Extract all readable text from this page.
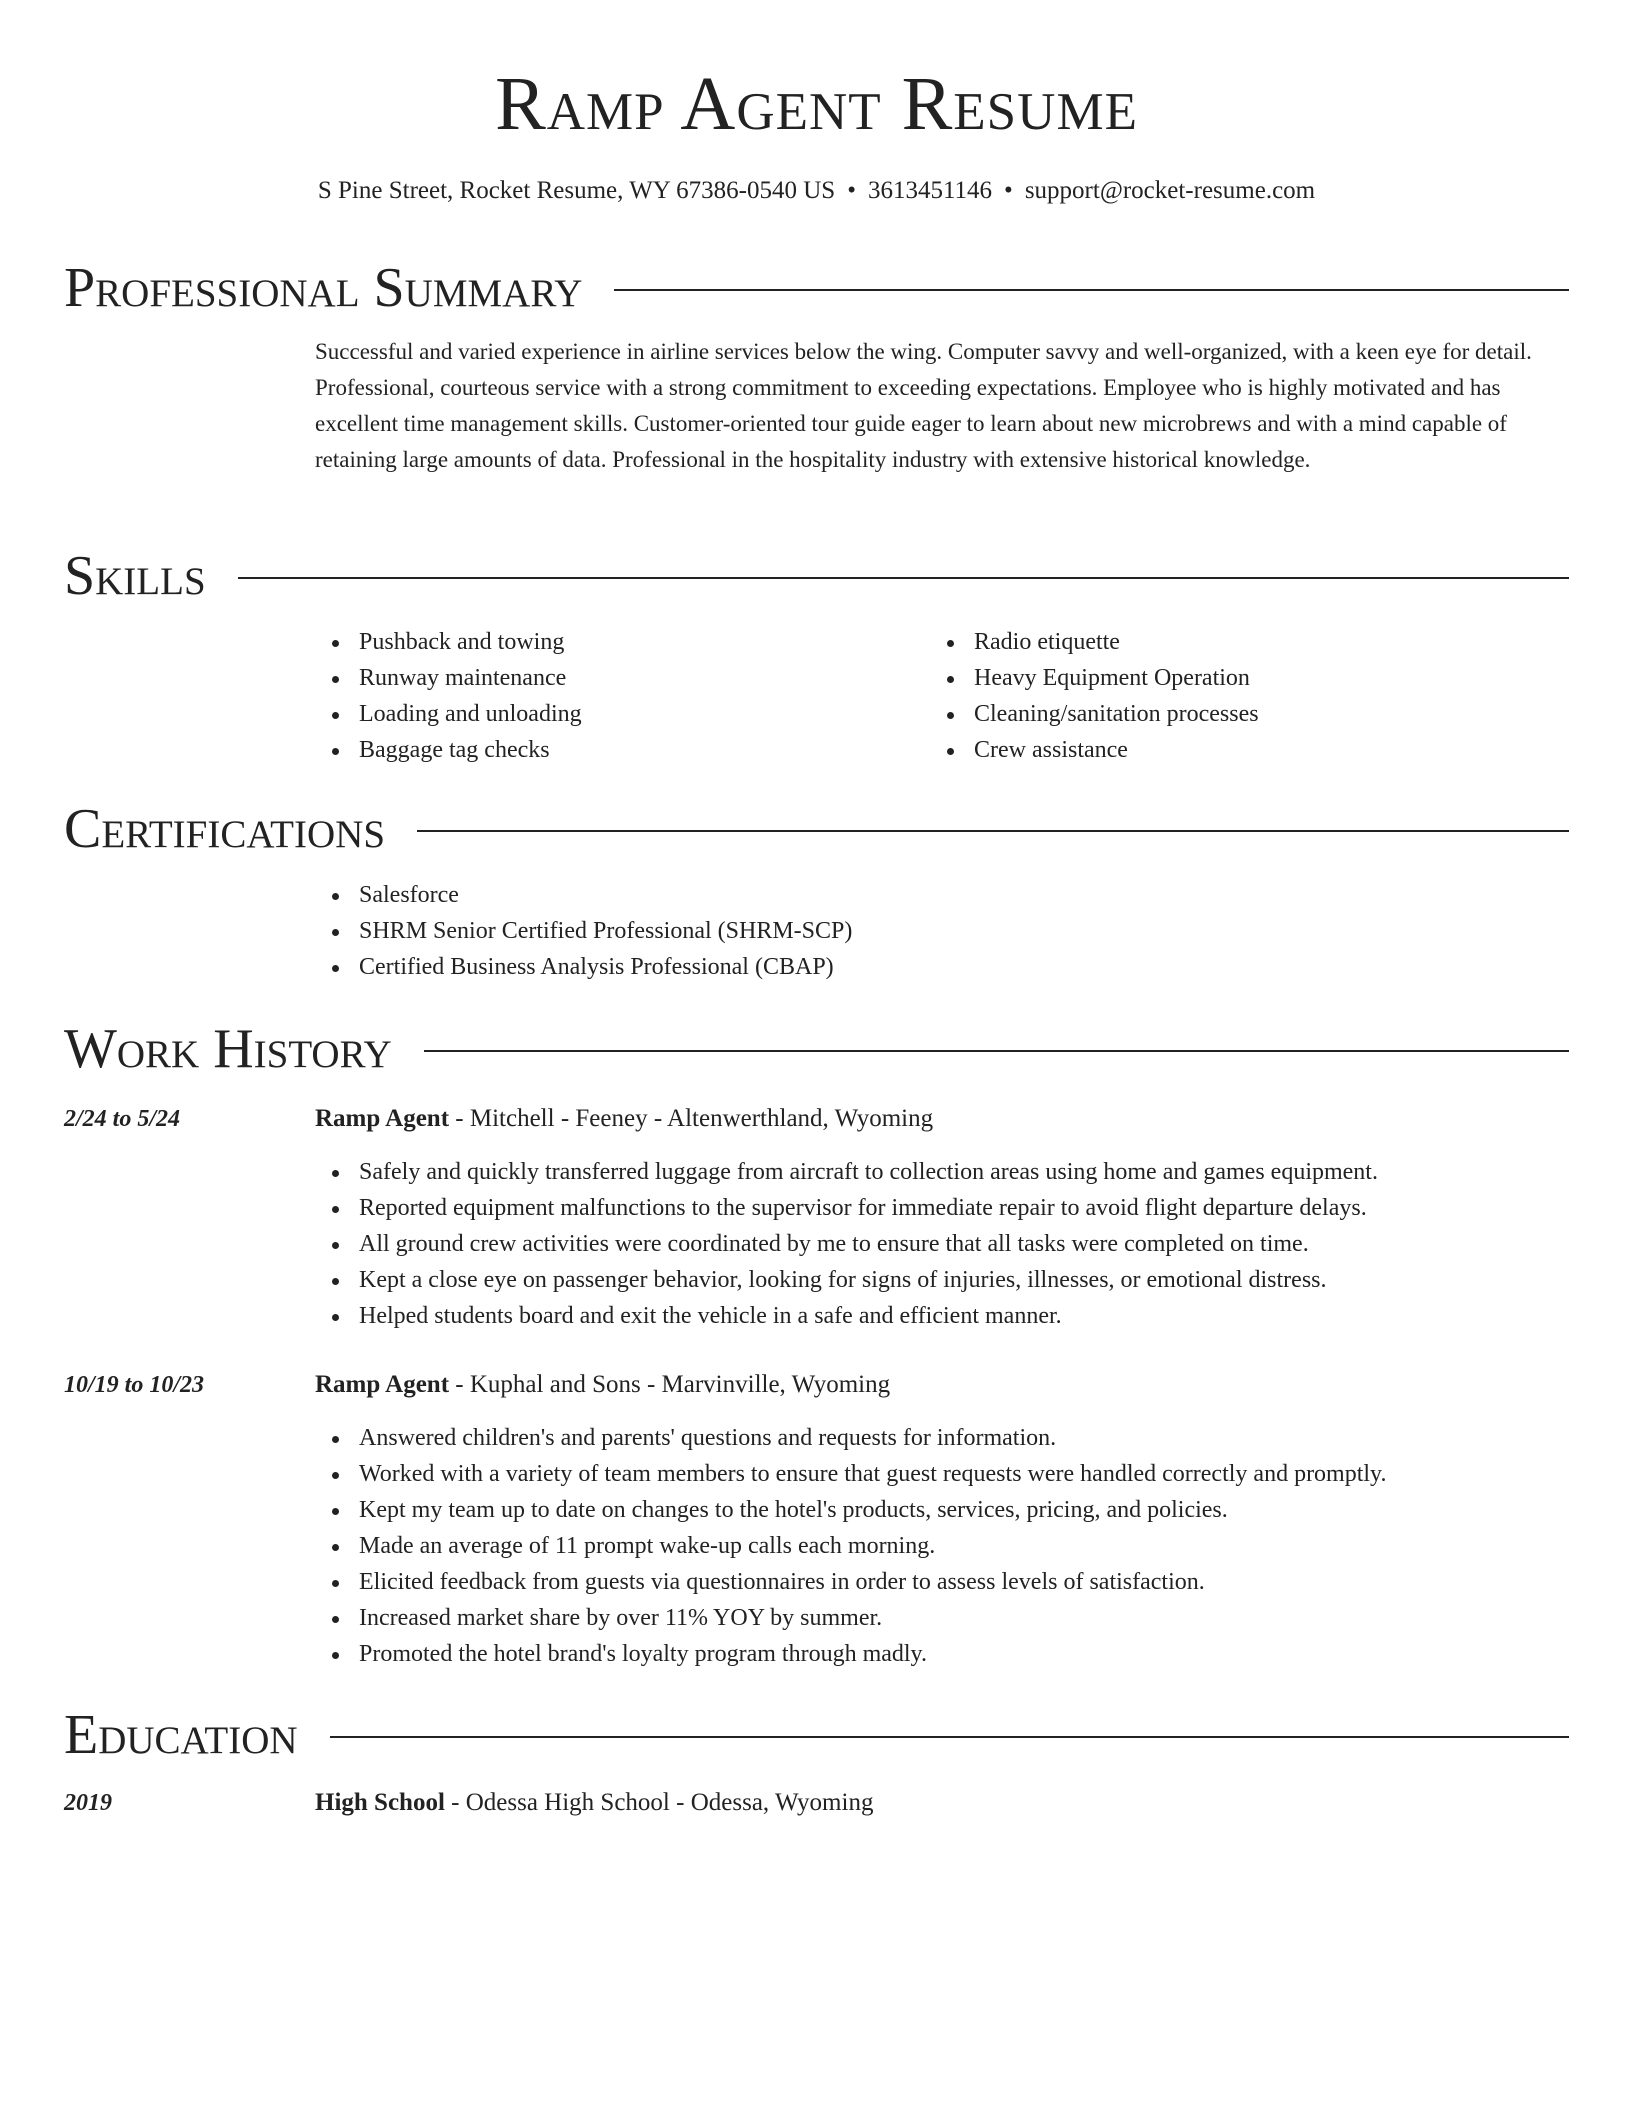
Ramp Agent Resume
S Pine Street, Rocket Resume, WY 67386-0540 US • 3613451146 • support@rocket-resume.com
Professional Summary
Successful and varied experience in airline services below the wing. Computer savvy and well-organized, with a keen eye for detail. Professional, courteous service with a strong commitment to exceeding expectations. Employee who is highly motivated and has excellent time management skills. Customer-oriented tour guide eager to learn about new microbrews and with a mind capable of retaining large amounts of data. Professional in the hospitality industry with extensive historical knowledge.
Skills
Pushback and towing
Runway maintenance
Loading and unloading
Baggage tag checks
Radio etiquette
Heavy Equipment Operation
Cleaning/sanitation processes
Crew assistance
Certifications
Salesforce
SHRM Senior Certified Professional (SHRM-SCP)
Certified Business Analysis Professional (CBAP)
Work History
2/24 to 5/24	Ramp Agent - Mitchell - Feeney - Altenwerthland, Wyoming
Safely and quickly transferred luggage from aircraft to collection areas using home and games equipment.
Reported equipment malfunctions to the supervisor for immediate repair to avoid flight departure delays.
All ground crew activities were coordinated by me to ensure that all tasks were completed on time.
Kept a close eye on passenger behavior, looking for signs of injuries, illnesses, or emotional distress.
Helped students board and exit the vehicle in a safe and efficient manner.
10/19 to 10/23	Ramp Agent - Kuphal and Sons - Marvinville, Wyoming
Answered children's and parents' questions and requests for information.
Worked with a variety of team members to ensure that guest requests were handled correctly and promptly.
Kept my team up to date on changes to the hotel's products, services, pricing, and policies.
Made an average of 11 prompt wake-up calls each morning.
Elicited feedback from guests via questionnaires in order to assess levels of satisfaction.
Increased market share by over 11% YOY by summer.
Promoted the hotel brand's loyalty program through madly.
Education
2019	High School - Odessa High School - Odessa, Wyoming
